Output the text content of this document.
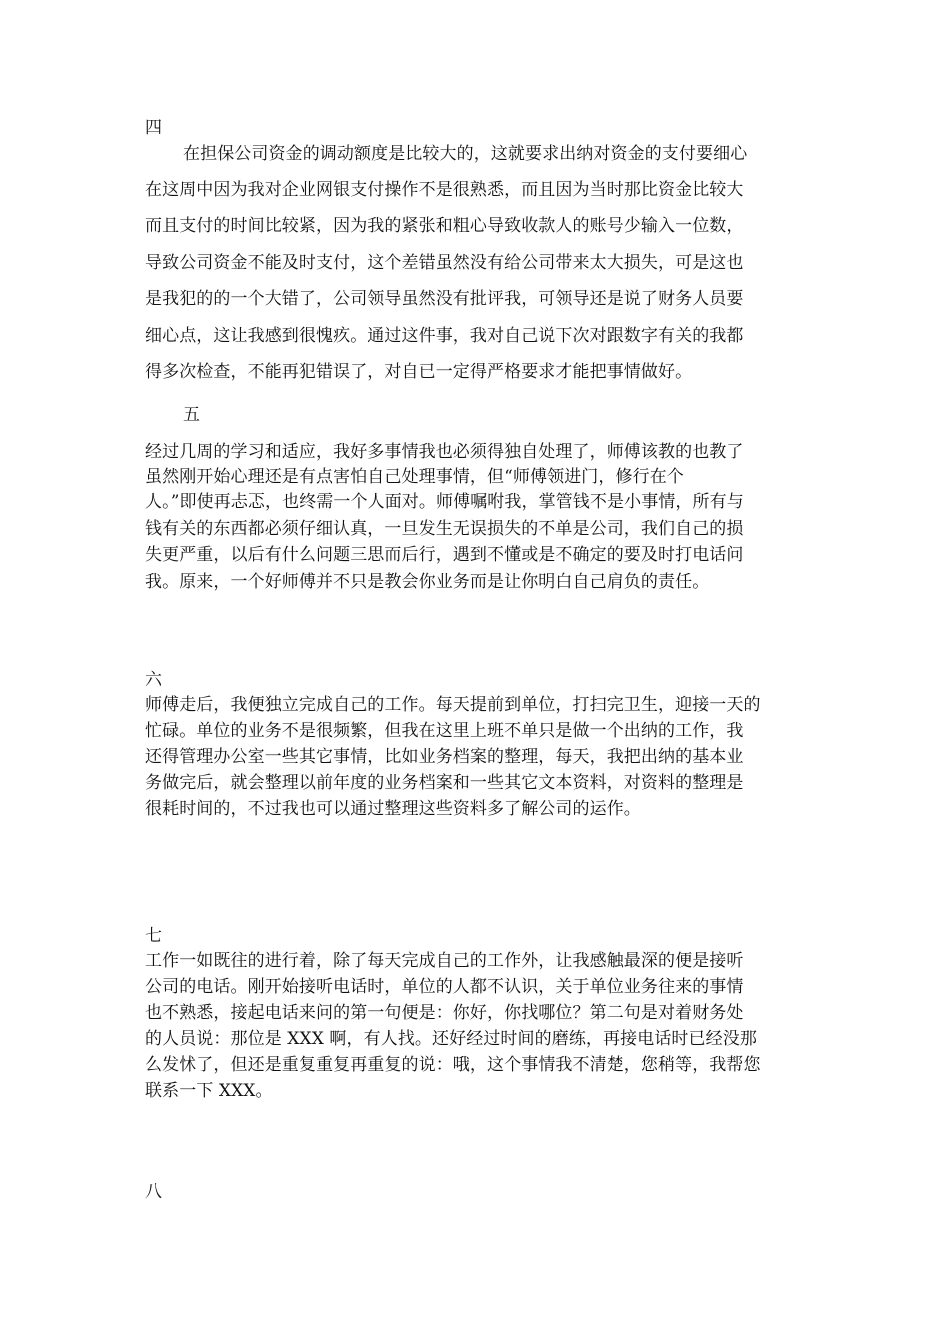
四
在担保公司资金的调动额度是比较大的，这就要求出纳对资金的支付要细心
在这周中因为我对企业网银支付操作不是很熟悉，而且因为当时那比资金比较大
而且支付的时间比较紧，因为我的紧张和粗心导致收款人的账号少输入一位数，
导致公司资金不能及时支付，这个差错虽然没有给公司带来太大损失，可是这也
是我犯的的一个大错了，公司领导虽然没有批评我，可领导还是说了财务人员要
细心点，这让我感到很愧疚。通过这件事，我对自己说下次对跟数字有关的我都
得多次检查，不能再犯错误了，对自已一定得严格要求才能把事情做好。
五
经过几周的学习和适应，我好多事情我也必须得独自处理了，师傅该教的也教了
虽然刚开始心理还是有点害怕自己处理事情，但“师傅领进门，修行在个
人。”即使再忐忑，也终需一个人面对。师傅嘱咐我，掌管钱不是小事情，所有与
钱有关的东西都必须仔细认真，一旦发生无误损失的不单是公司，我们自己的损
失更严重，以后有什么问题三思而后行，遇到不懂或是不确定的要及时打电话问
我。原来，一个好师傅并不只是教会你业务而是让你明白自己肩负的责任。
六
师傅走后，我便独立完成自己的工作。每天提前到单位，打扫完卫生，迎接一天的
忙碌。单位的业务不是很频繁，但我在这里上班不单只是做一个出纳的工作，我
还得管理办公室一些其它事情，比如业务档案的整理，每天，我把出纳的基本业
务做完后，就会整理以前年度的业务档案和一些其它文本资料，对资料的整理是
很耗时间的，不过我也可以通过整理这些资料多了解公司的运作。
七
工作一如既往的进行着，除了每天完成自己的工作外，让我感触最深的便是接听
公司的电话。刚开始接听电话时，单位的人都不认识，关于单位业务往来的事情
也不熟悉，接起电话来问的第一句便是：你好，你找哪位？第二句是对着财务处
的人员说：那位是 XXX 啊，有人找。还好经过时间的磨练，再接电话时已经没那
么发怵了，但还是重复重复再重复的说：哦，这个事情我不清楚，您稍等，我帮您
联系一下 XXX。
八
